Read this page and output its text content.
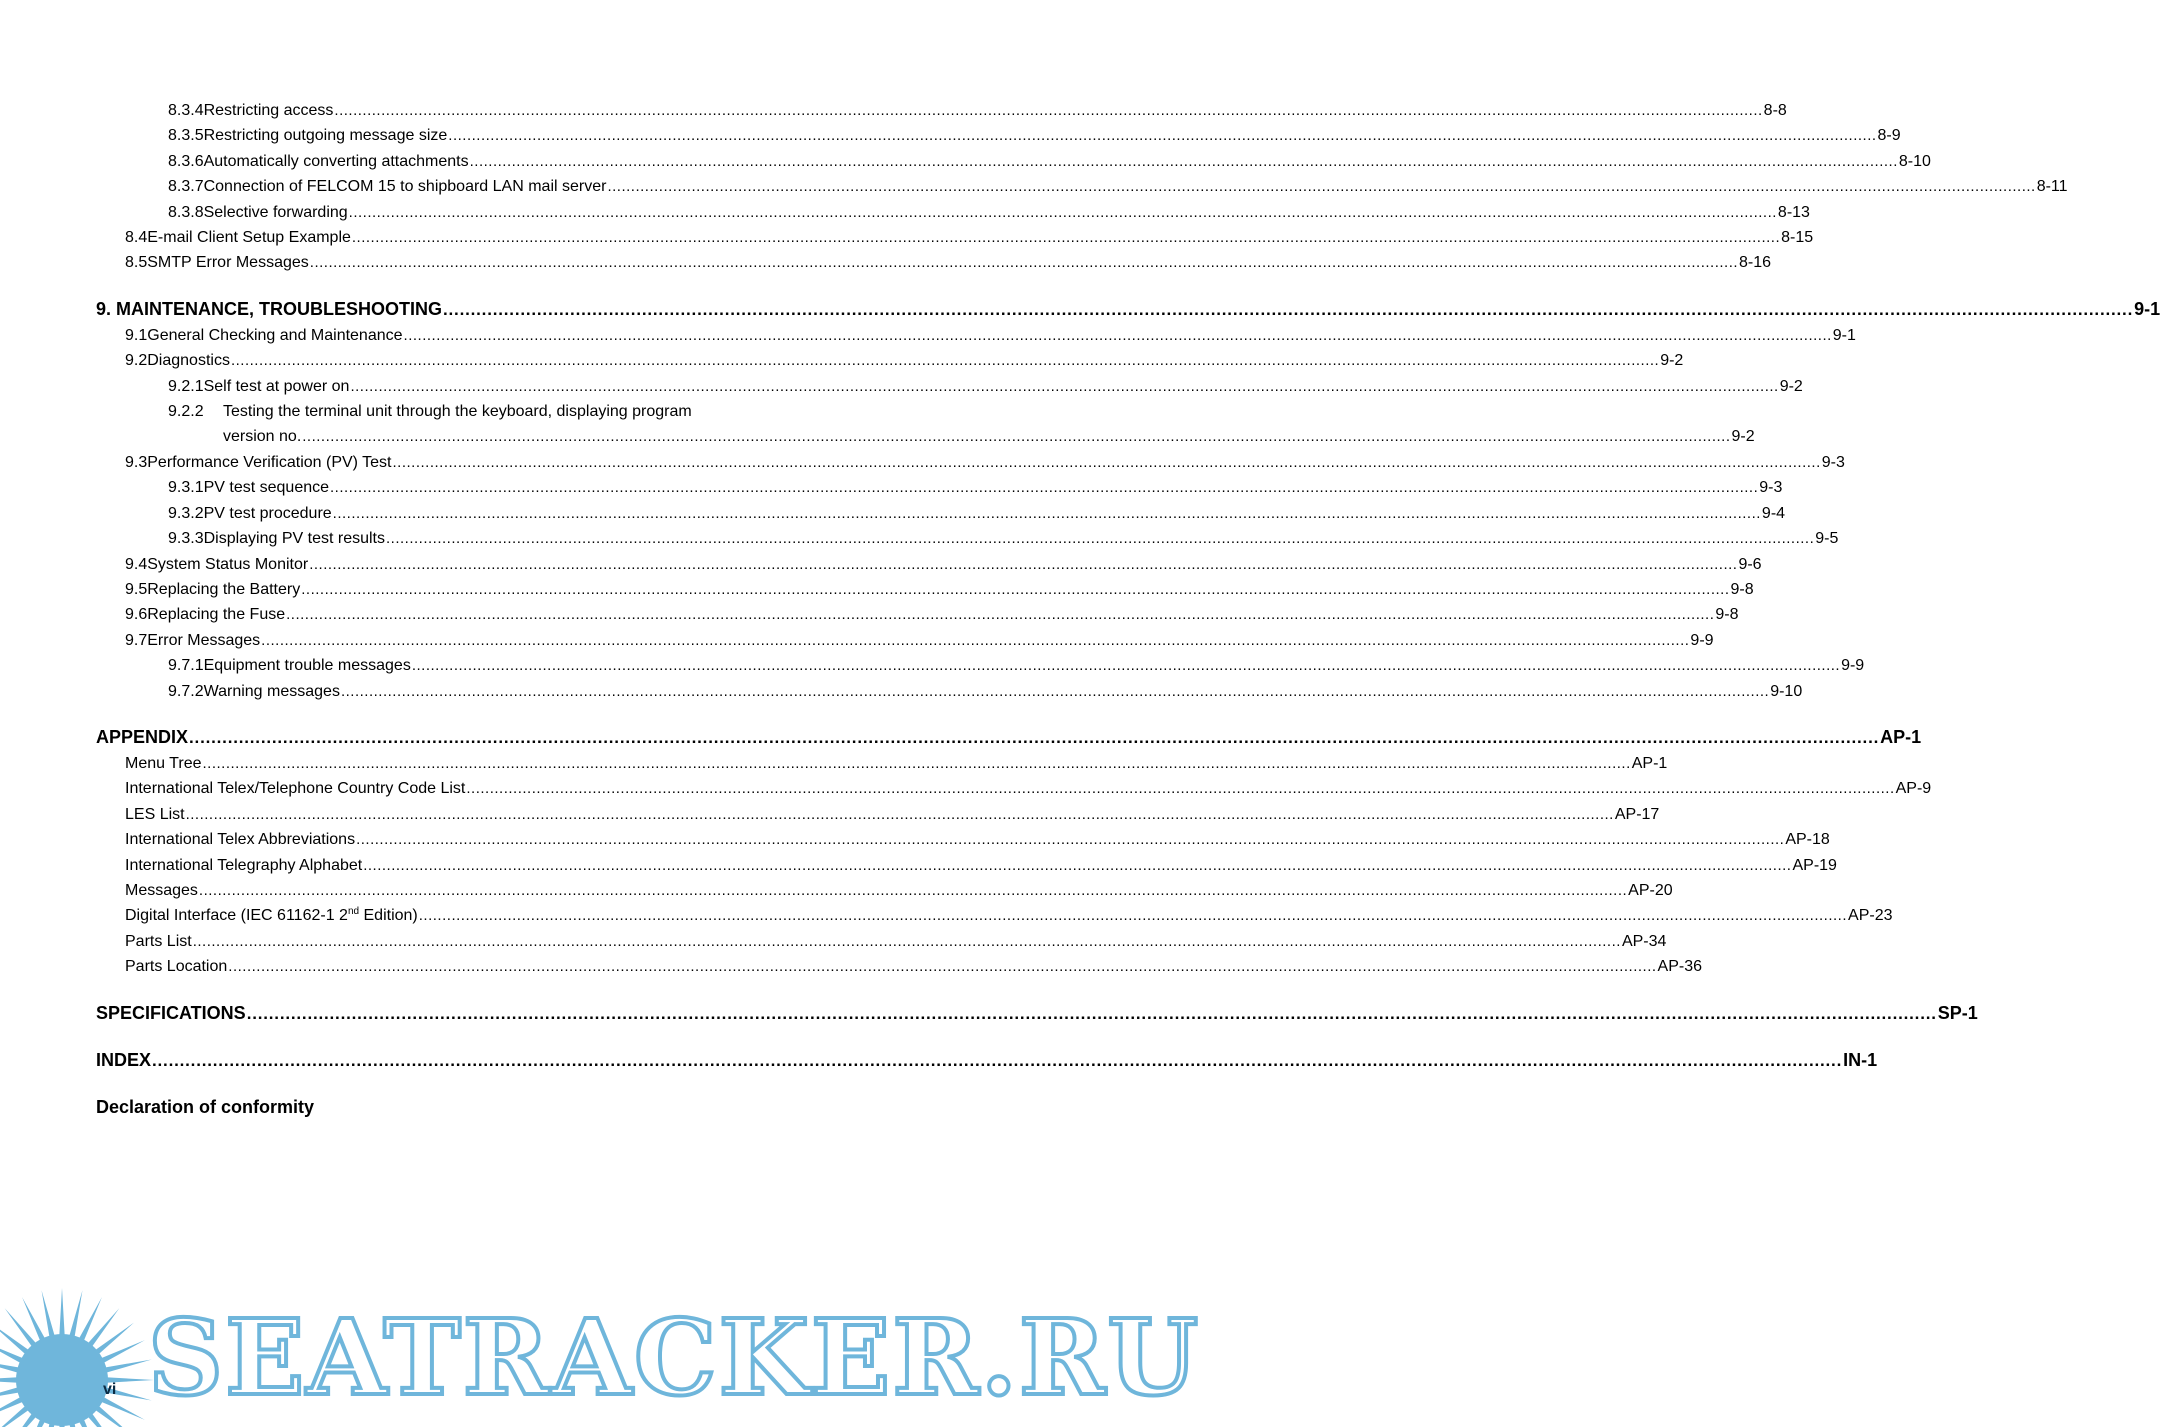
8.3.4 Restricting access .....	8-8
8.3.5 Restricting outgoing message size .....	8-9
8.3.6 Automatically converting attachments .....	8-10
8.3.7 Connection of FELCOM 15 to shipboard LAN mail server .....	8-11
8.3.8 Selective forwarding .....	8-13
8.4 E-mail Client Setup Example .....	8-15
8.5 SMTP Error Messages .....	8-16
9. MAINTENANCE, TROUBLESHOOTING .....	9-1
9.1 General Checking and Maintenance .....	9-1
9.2 Diagnostics .....	9-2
9.2.1 Self test at power on .....	9-2
9.2.2	Testing the terminal unit through the keyboard, displaying program
version no. .....	9-2
9.3 Performance Verification (PV) Test .....	9-3
9.3.1 PV test sequence .....	9-3
9.3.2 PV test procedure .....	9-4
9.3.3 Displaying PV test results .....	9-5
9.4 System Status Monitor .....	9-6
9.5 Replacing the Battery .....	9-8
9.6 Replacing the Fuse .....	9-8
9.7 Error Messages .....	9-9
9.7.1 Equipment trouble messages .....	9-9
9.7.2 Warning messages .....	9-10
APPENDIX .....	AP-1
Menu Tree .....	AP-1
International Telex/Telephone Country Code List .....	AP-9
LES List .....	AP-17
International Telex Abbreviations .....	AP-18
International Telegraphy Alphabet .....	AP-19
Messages .....	AP-20
Digital Interface (IEC 61162-1 2nd Edition) .....	AP-23
Parts List .....	AP-34
Parts Location .....	AP-36
SPECIFICATIONS .....	SP-1
INDEX .....	IN-1
Declaration of conformity
SEATRACKER.RU
vi
